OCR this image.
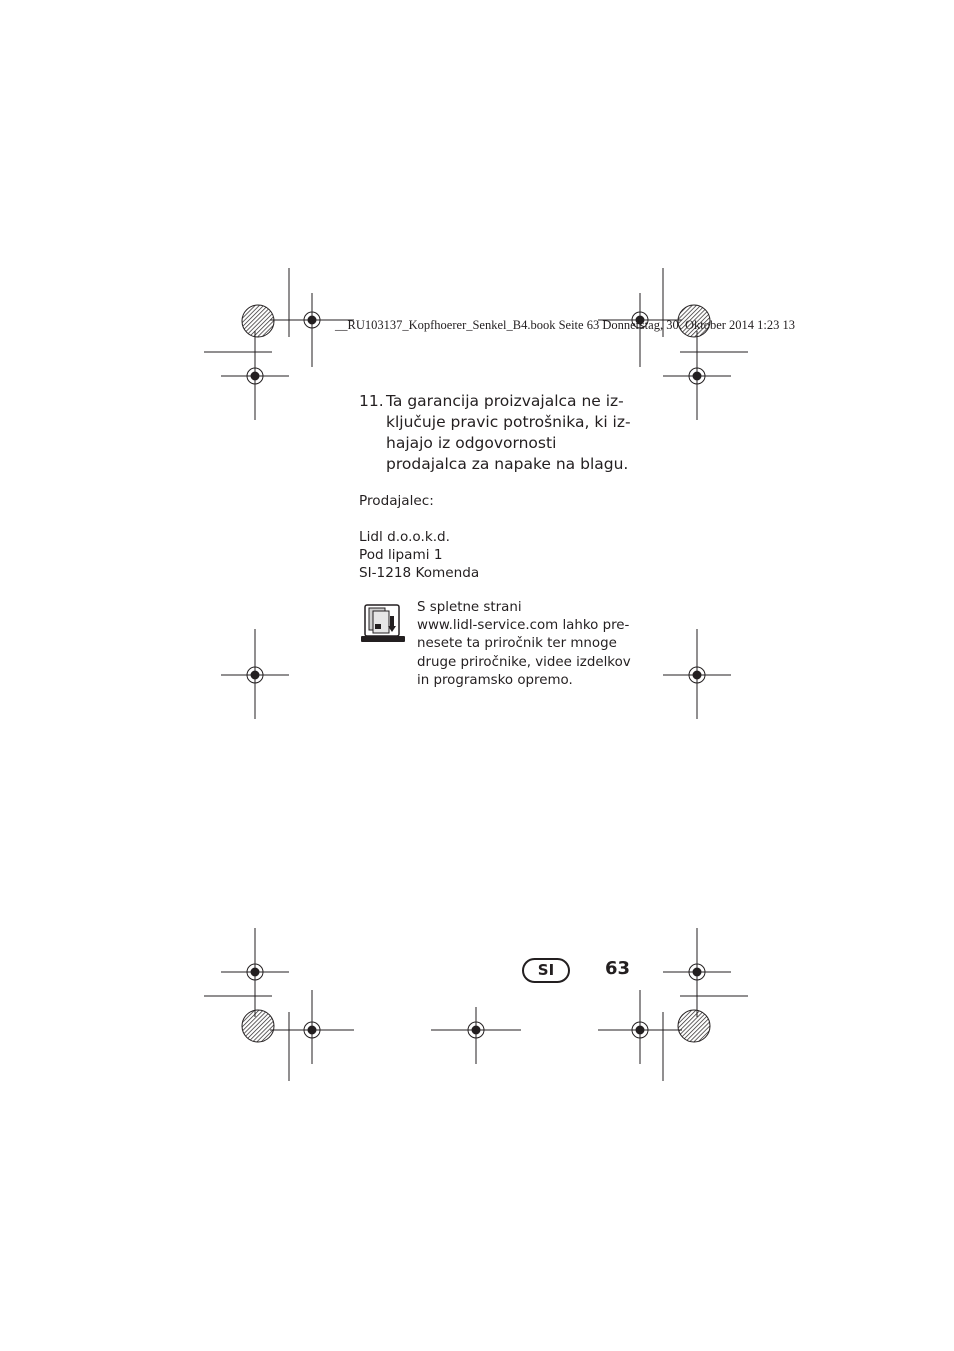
__RU103137_Kopfhoerer_Senkel_B4.book Seite 63 Donnerstag, 30. Oktober 2014 1:23 13
11. Ta garancija proizvajalca ne iz-
ključuje pravic potrošnika, ki iz-
hajajo iz odgovornosti
prodajalca za napake na blagu.
Prodajalec:
Lidl d.o.o.k.d.
Pod lipami 1
SI-1218 Komenda
S spletne strani
www.lidl-service.com lahko pre-
nesete ta priročnik ter mnoge
druge priročnike, videe izdelkov
in programsko opremo.
SI	63
